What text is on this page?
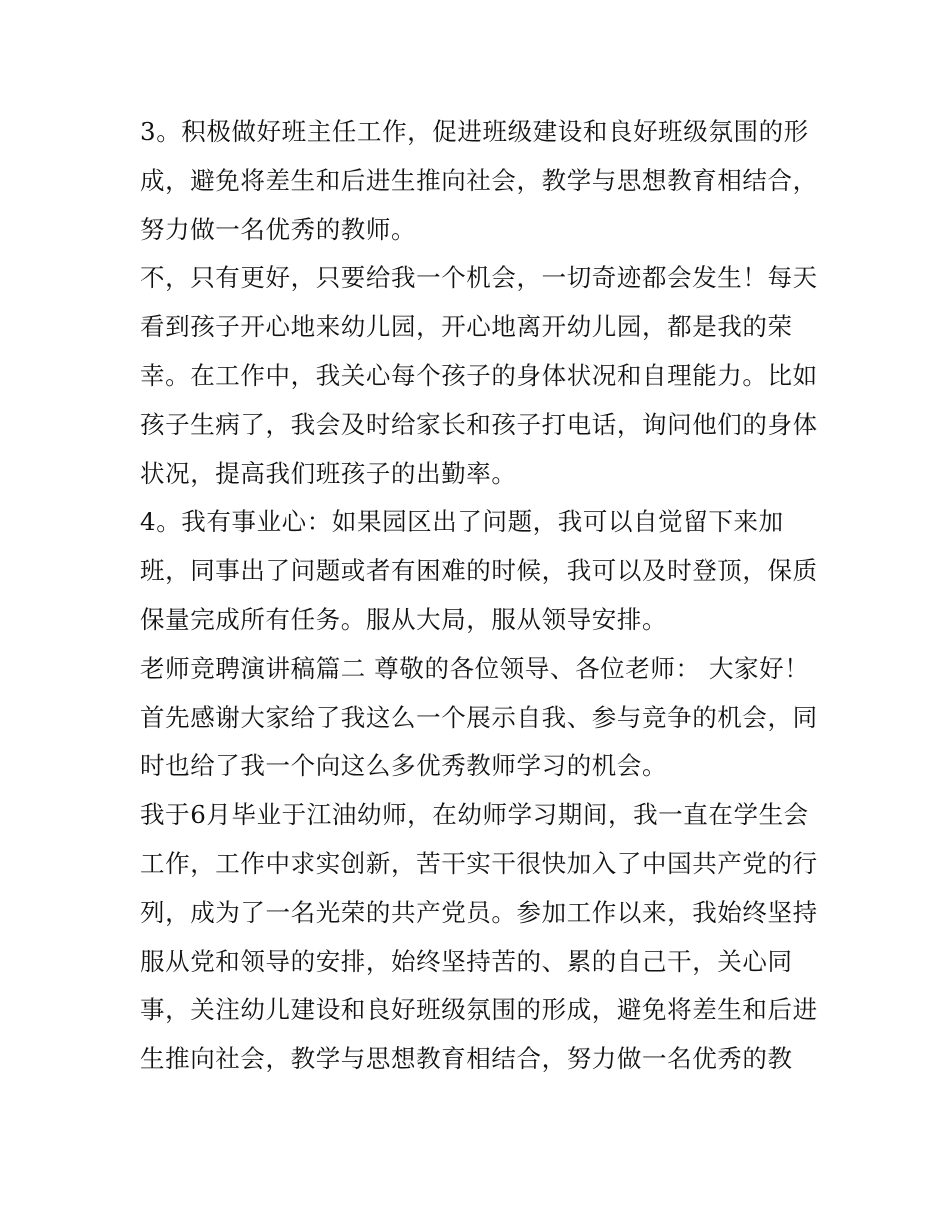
3。积极做好班主任工作，促进班级建设和良好班级氛围的形
成，避免将差生和后进生推向社会，教学与思想教育相结合，
努力做一名优秀的教师。
不，只有更好，只要给我一个机会，一切奇迹都会发生！每天
看到孩子开心地来幼儿园，开心地离开幼儿园，都是我的荣
幸。在工作中，我关心每个孩子的身体状况和自理能力。比如
孩子生病了，我会及时给家长和孩子打电话，询问他们的身体
状况，提高我们班孩子的出勤率。
4。我有事业心：如果园区出了问题，我可以自觉留下来加
班，同事出了问题或者有困难的时候，我可以及时登顶，保质
保量完成所有任务。服从大局，服从领导安排。
老师竞聘演讲稿篇二 尊敬的各位领导、各位老师： 大家好！
首先感谢大家给了我这么一个展示自我、参与竞争的机会，同
时也给了我一个向这么多优秀教师学习的机会。
我于6月毕业于江油幼师，在幼师学习期间，我一直在学生会
工作，工作中求实创新，苦干实干很快加入了中国共产党的行
列，成为了一名光荣的共产党员。参加工作以来，我始终坚持
服从党和领导的安排，始终坚持苦的、累的自己干，关心同
事，关注幼儿建设和良好班级氛围的形成，避免将差生和后进
生推向社会，教学与思想教育相结合，努力做一名优秀的教
